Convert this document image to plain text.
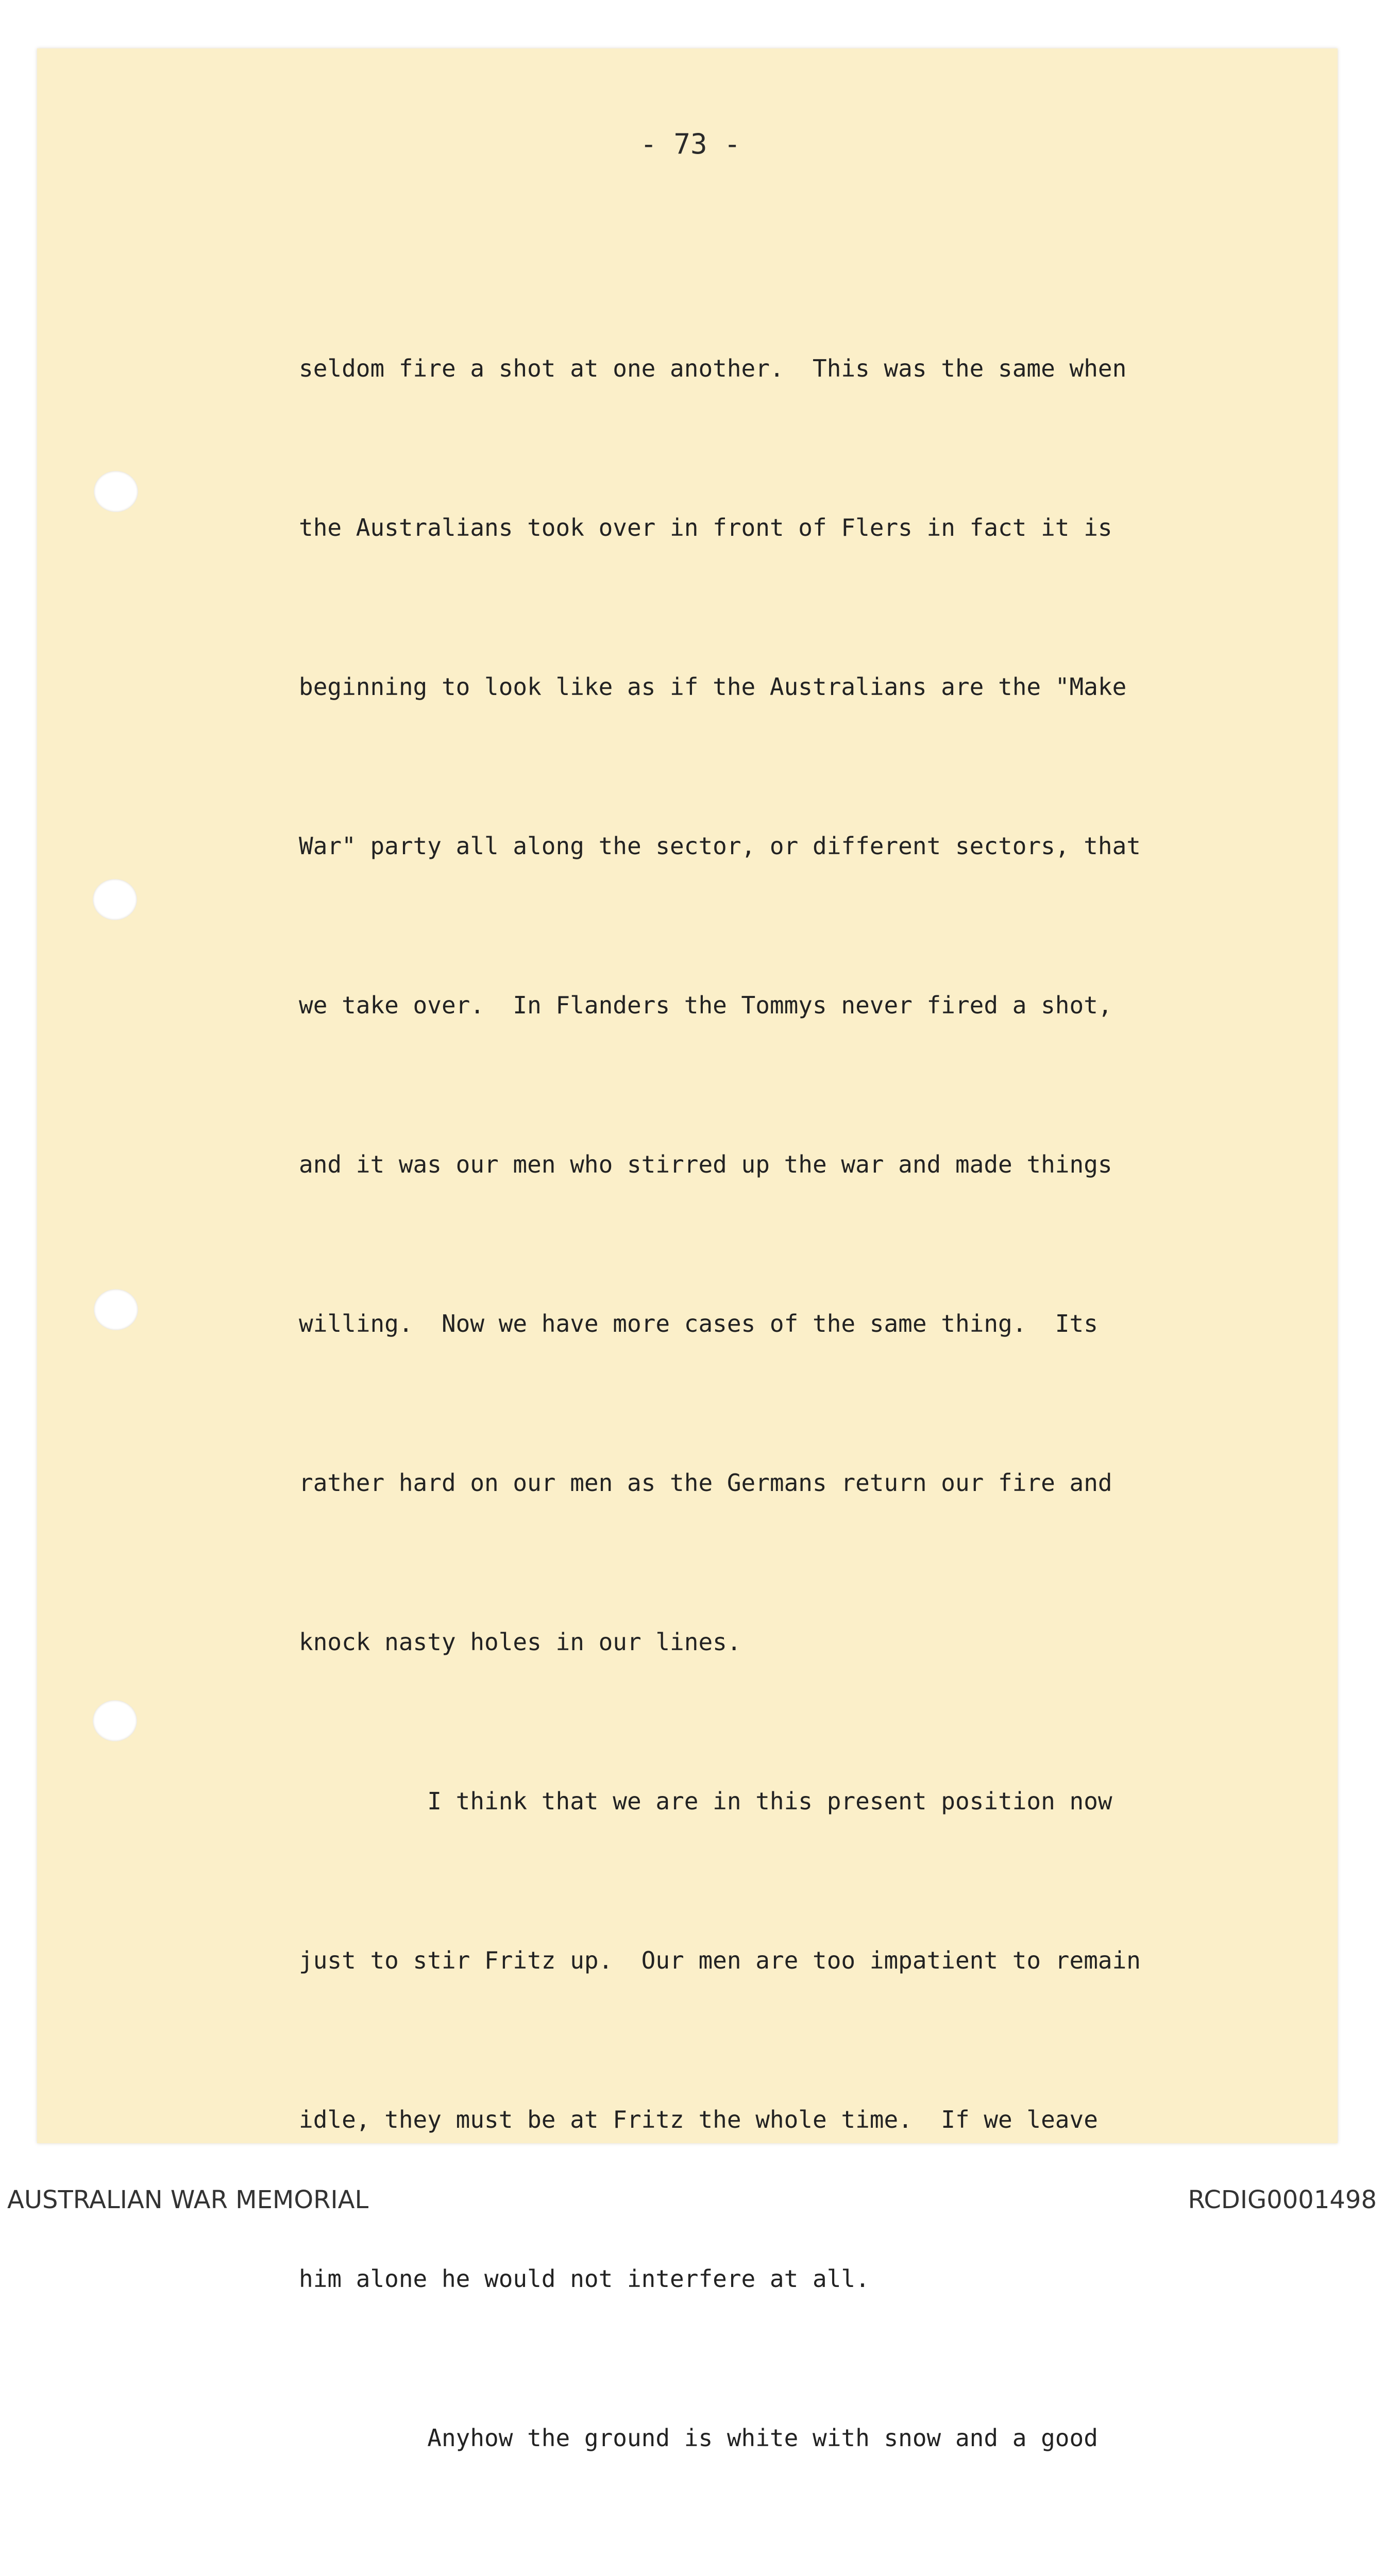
- 73 -

seldom fire a shot at one another.  This was the same when

the Australians took over in front of Flers in fact it is

beginning to look like as if the Australians are the "Make

War" party all along the sector, or different sectors, that

we take over.  In Flanders the Tommys never fired a shot,

and it was our men who stirred up the war and made things

willing.  Now we have more cases of the same thing.  Its

rather hard on our men as the Germans return our fire and

knock nasty holes in our lines.

I think that we are in this present position now

just to stir Fritz up.  Our men are too impatient to remain

idle, they must be at Fritz the whole time.  If we leave

him alone he would not interfere at all.

Anyhow the ground is white with snow and a good

AUSTRALIAN WAR MEMORIAL	RCDIG0001498
